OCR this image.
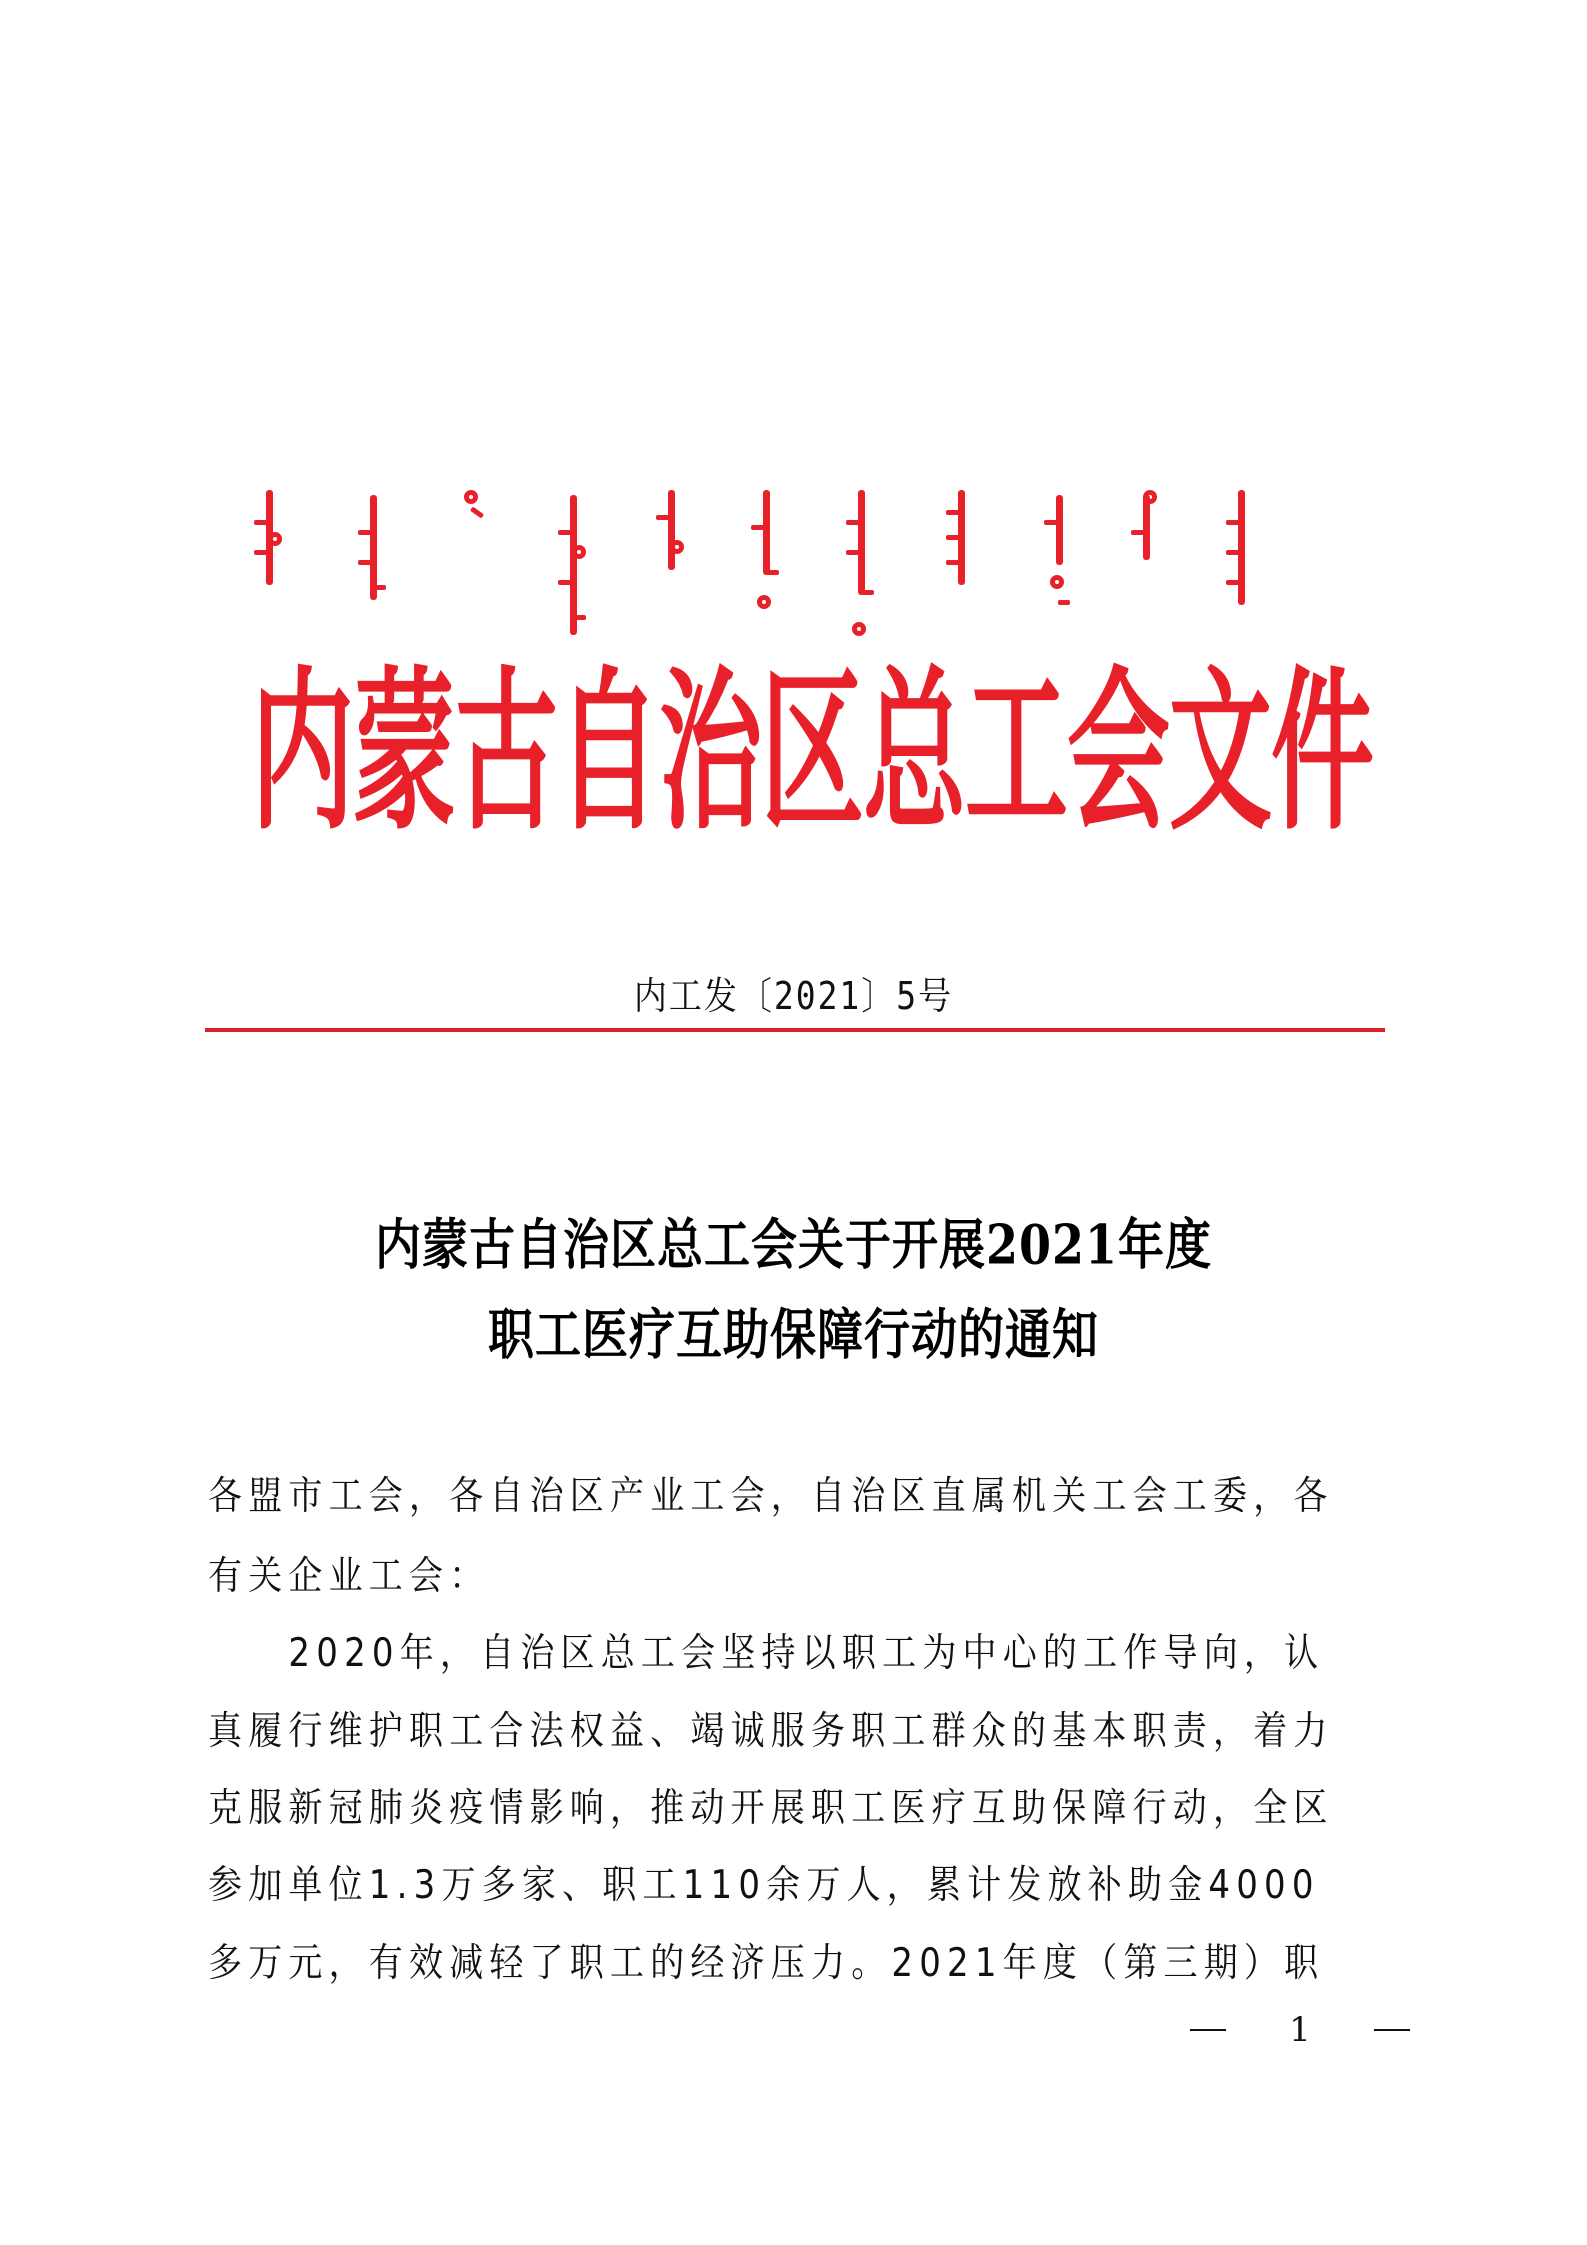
内 蒙 古 自 治 区 总 工 会 文 件
内工发〔2021〕5号
内蒙古自治区总工会关于开展2021年度
职工医疗互助保障行动的通知
各盟市工会，各自治区产业工会，自治区直属机关工会工委，各
有关企业工会：
　　2020年，自治区总工会坚持以职工为中心的工作导向，认
真履行维护职工合法权益、竭诚服务职工群众的基本职责，着力
克服新冠肺炎疫情影响，推动开展职工医疗互助保障行动，全区
参加单位1.3万多家、职工110余万人，累计发放补助金4000
多万元，有效减轻了职工的经济压力。2021年度（第三期）职
1
